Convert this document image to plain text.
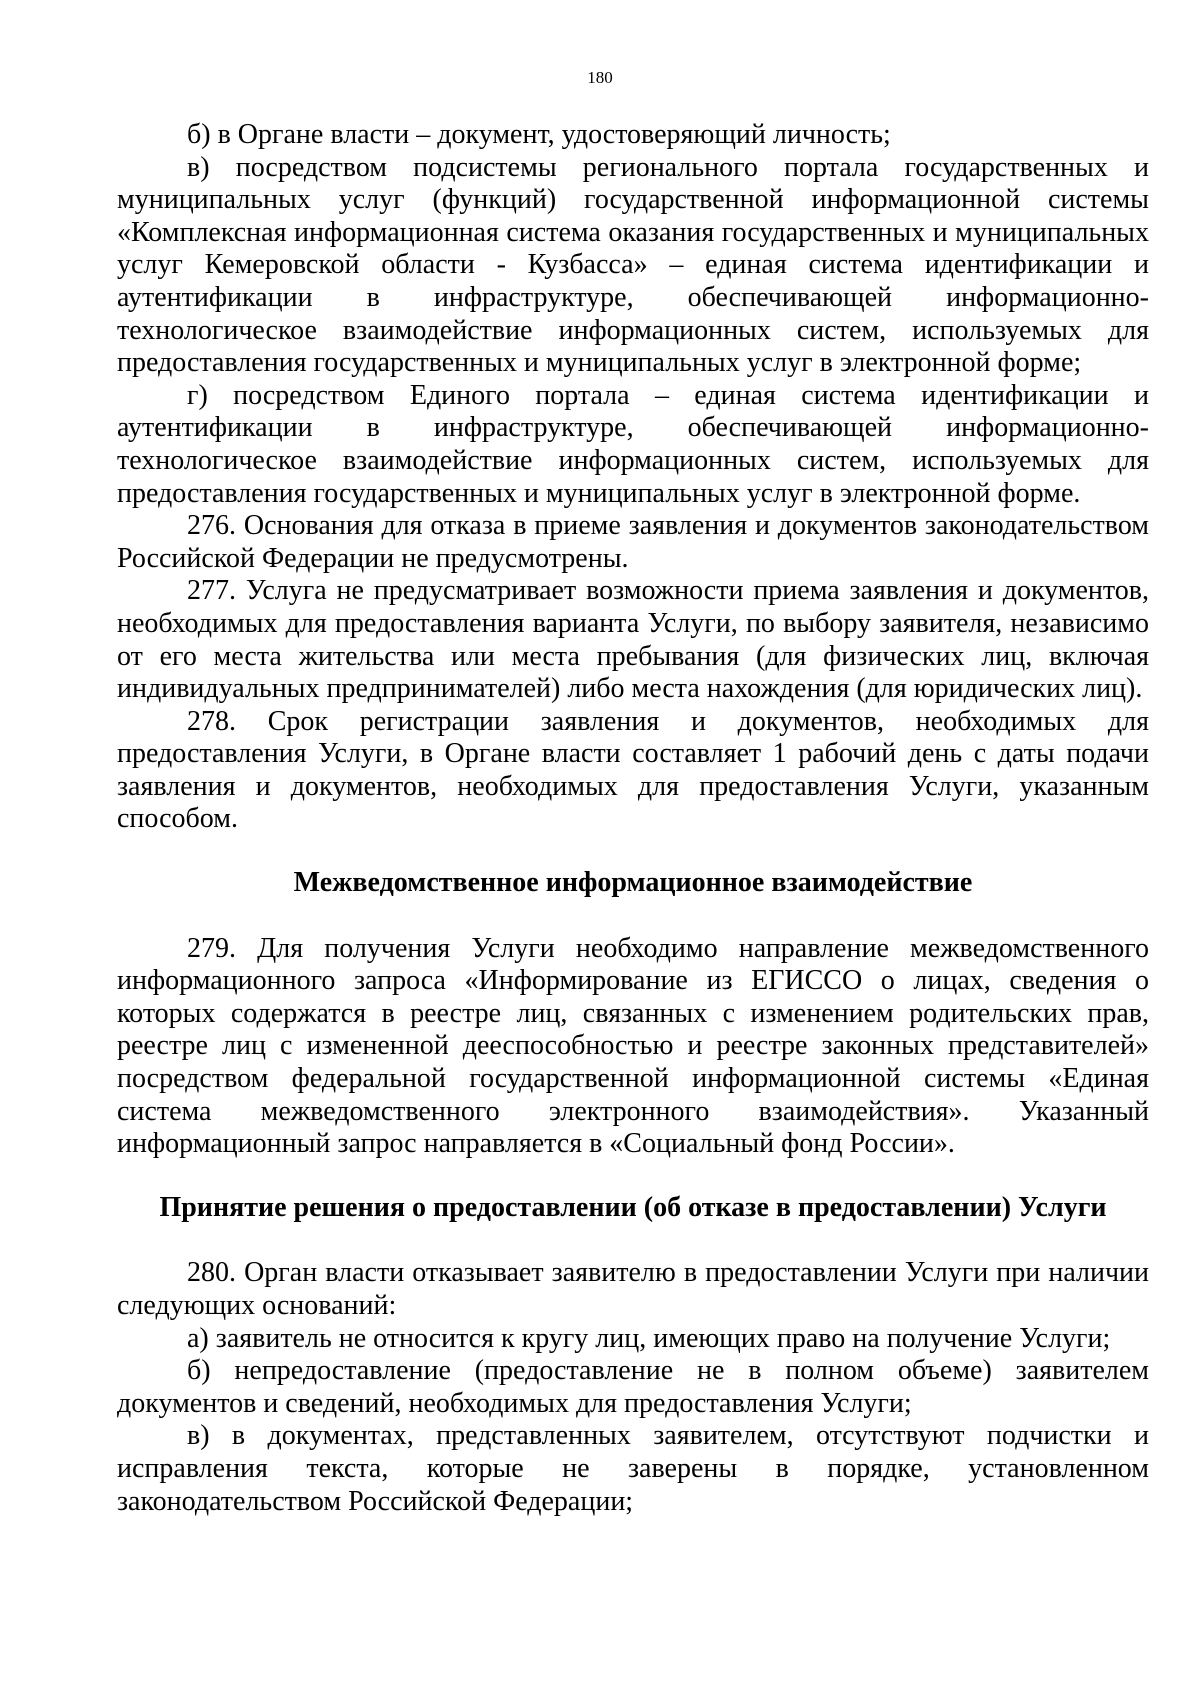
180

б) в Органе власти – документ, удостоверяющий личность;

в) посредством подсистемы регионального портала государственных и муниципальных услуг (функций) государственной информационной системы «Комплексная информационная система оказания государственных и муниципальных услуг Кемеровской области - Кузбасса» – единая система идентификации и аутентификации в инфраструктуре, обеспечивающей информационно-технологическое взаимодействие информационных систем, используемых для предоставления государственных и муниципальных услуг в электронной форме;

г) посредством Единого портала – единая система идентификации и аутентификации в инфраструктуре, обеспечивающей информационно-технологическое взаимодействие информационных систем, используемых для предоставления государственных и муниципальных услуг в электронной форме.

276. Основания для отказа в приеме заявления и документов законодательством Российской Федерации не предусмотрены.

277. Услуга не предусматривает возможности приема заявления и документов, необходимых для предоставления варианта Услуги, по выбору заявителя, независимо от его места жительства или места пребывания (для физических лиц, включая индивидуальных предпринимателей) либо места нахождения (для юридических лиц).

278. Срок регистрации заявления и документов, необходимых для предоставления Услуги, в Органе власти составляет 1 рабочий день с даты подачи заявления и документов, необходимых для предоставления Услуги, указанным способом.

Межведомственное информационное взаимодействие

279. Для получения Услуги необходимо направление межведомственного информационного запроса «Информирование из ЕГИССО о лицах, сведения о которых содержатся в реестре лиц, связанных с изменением родительских прав, реестре лиц с измененной дееспособностью и реестре законных представителей» посредством федеральной государственной информационной системы «Единая система межведомственного электронного взаимодействия». Указанный информационный запрос направляется в «Социальный фонд России».

Принятие решения о предоставлении (об отказе в предоставлении) Услуги

280. Орган власти отказывает заявителю в предоставлении Услуги при наличии следующих оснований:

а) заявитель не относится к кругу лиц, имеющих право на получение Услуги;

б) непредоставление (предоставление не в полном объеме) заявителем документов и сведений, необходимых для предоставления Услуги;

в) в документах, представленных заявителем, отсутствуют подчистки и исправления текста, которые не заверены в порядке, установленном законодательством Российской Федерации;
